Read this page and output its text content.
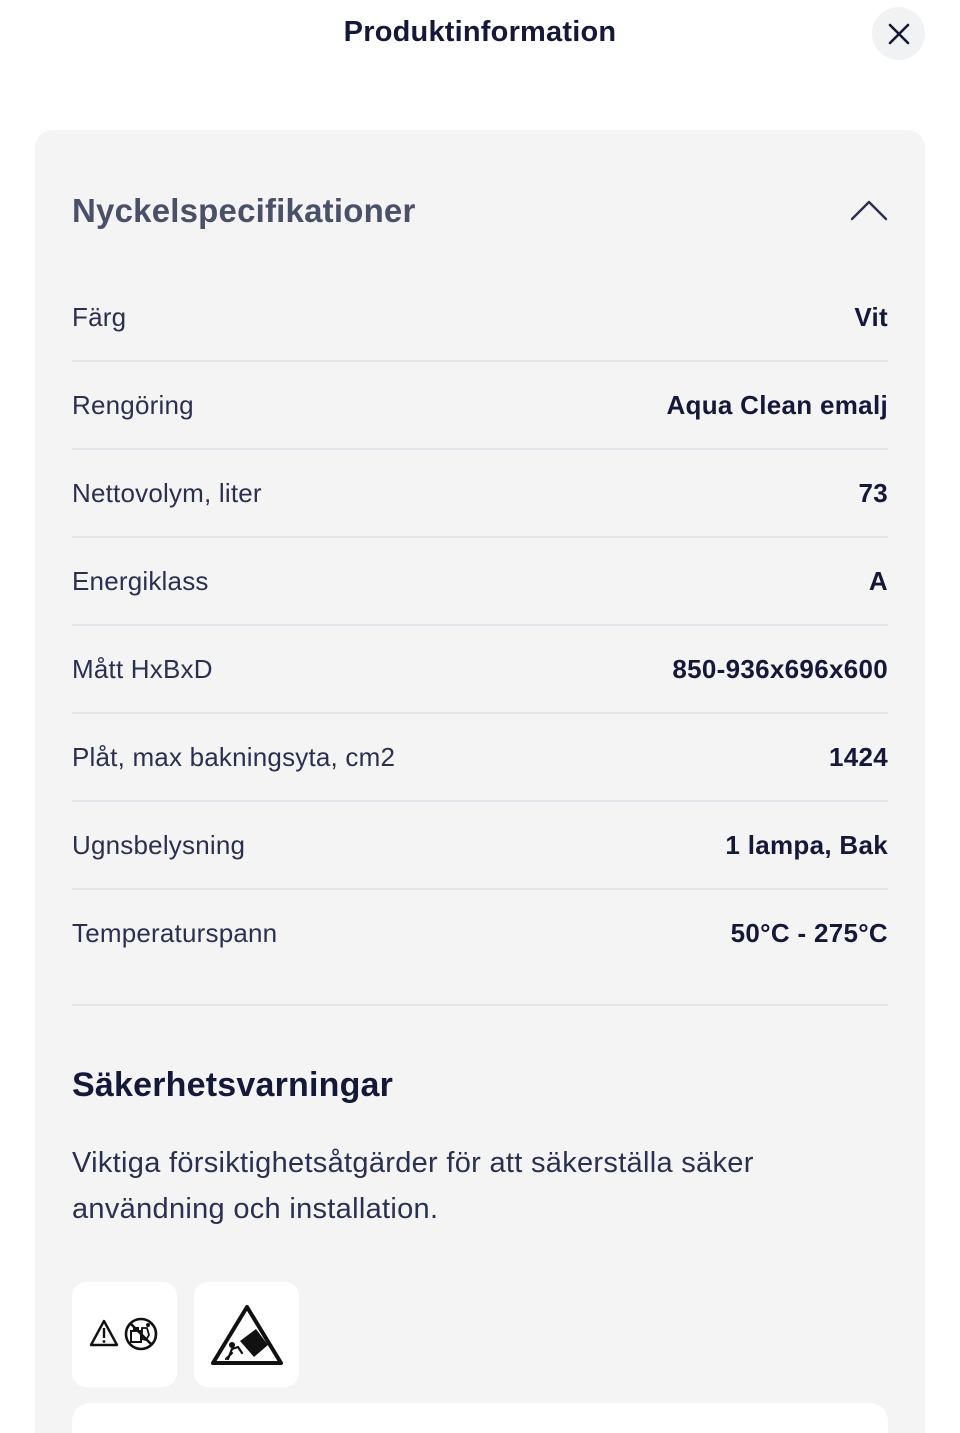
Produktinformation
Nyckelspecifikationer
Färg	Vit
Rengöring	Aqua Clean emalj
Nettovolym, liter	73
Energiklass	A
Mått HxBxD	850-936x696x600
Plåt, max bakningsyta, cm2	1424
Ugnsbelysning	1 lampa, Bak
Temperaturspann	50°C - 275°C
Säkerhetsvarningar
Viktiga försiktighetsåtgärder för att säkerställa säker användning och installation.
